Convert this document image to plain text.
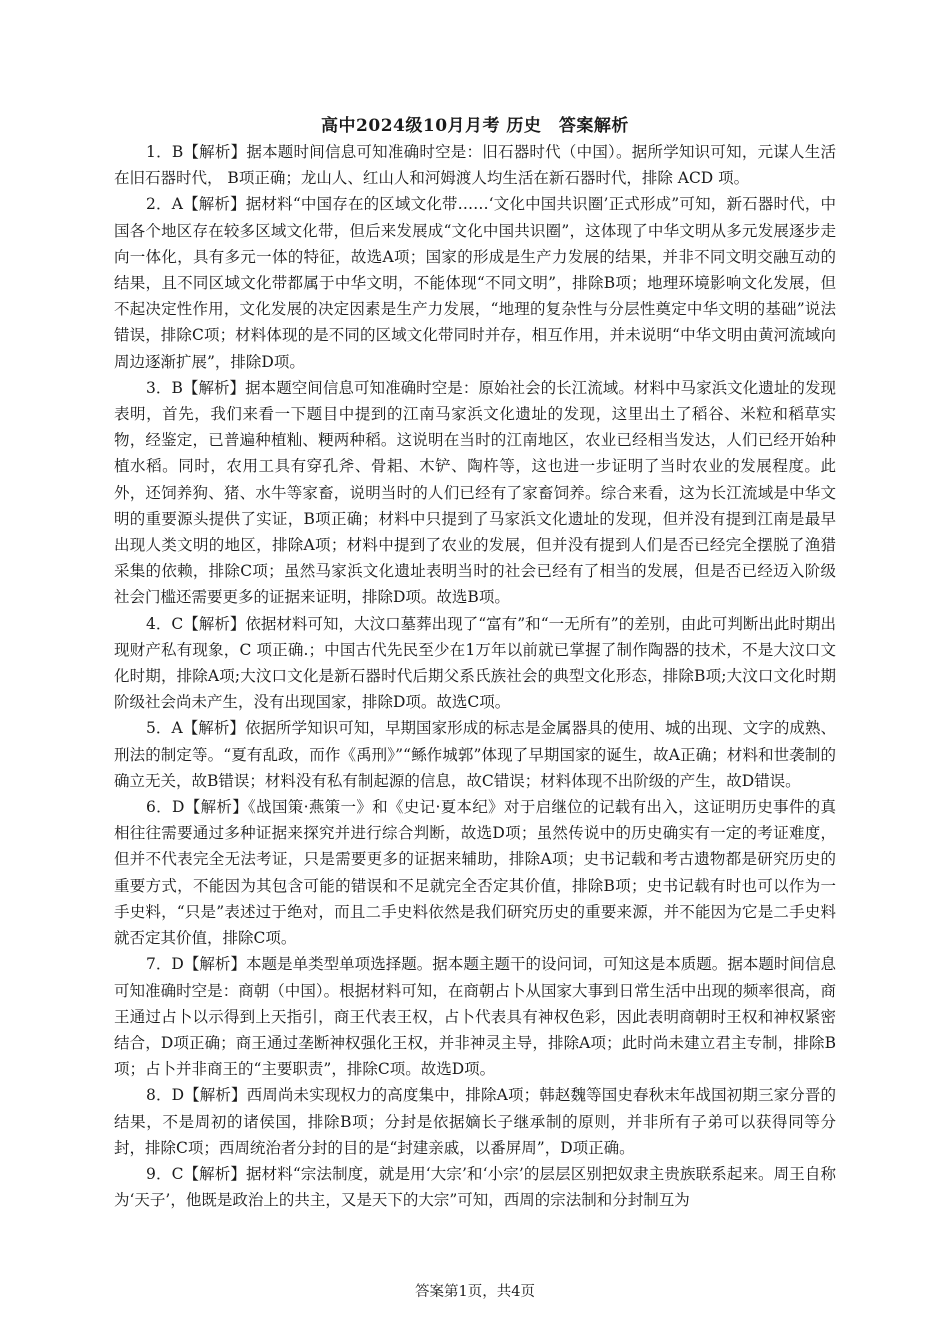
高中2024级10月月考 历史　答案解析

1．B【解析】据本题时间信息可知准确时空是：旧石器时代（中国）。据所学知识可知，元谋人生活在旧石器时代， B项正确；龙山人、红山人和河姆渡人均生活在新石器时代，排除 ACD 项。

2．A【解析】据材料“中国存在的区域文化带……‘文化中国共识圈’正式形成”可知，新石器时代，中国各个地区存在较多区域文化带，但后来发展成“文化中国共识圈”，这体现了中华文明从多元发展逐步走向一体化，具有多元一体的特征，故选A项；国家的形成是生产力发展的结果，并非不同文明交融互动的结果，且不同区域文化带都属于中华文明，不能体现“不同文明”，排除B项；地理环境影响文化发展，但不起决定性作用，文化发展的决定因素是生产力发展，“地理的复杂性与分层性奠定中华文明的基础”说法错误，排除C项；材料体现的是不同的区域文化带同时并存，相互作用，并未说明“中华文明由黄河流域向周边逐渐扩展”，排除D项。

3．B【解析】据本题空间信息可知准确时空是：原始社会的长江流域。材料中马家浜文化遗址的发现表明，首先，我们来看一下题目中提到的江南马家浜文化遗址的发现，这里出土了稻谷、米粒和稻草实物，经鉴定，已普遍种植籼、粳两种稻。这说明在当时的江南地区，农业已经相当发达，人们已经开始种植水稻。同时，农用工具有穿孔斧、骨耜、木铲、陶杵等，这也进一步证明了当时农业的发展程度。此外，还饲养狗、猪、水牛等家畜，说明当时的人们已经有了家畜饲养。综合来看，这为长江流域是中华文明的重要源头提供了实证，B项正确；材料中只提到了马家浜文化遗址的发现，但并没有提到江南是最早出现人类文明的地区，排除A项；材料中提到了农业的发展，但并没有提到人们是否已经完全摆脱了渔猎采集的依赖，排除C项；虽然马家浜文化遗址表明当时的社会已经有了相当的发展，但是否已经迈入阶级社会门槛还需要更多的证据来证明，排除D项。故选B项。

4．C【解析】依据材料可知，大汶口墓葬出现了“富有”和“一无所有”的差别，由此可判断出此时期出现财产私有现象，C 项正确.；中国古代先民至少在1万年以前就已掌握了制作陶器的技术，不是大汶口文化时期，排除A项;大汶口文化是新石器时代后期父系氏族社会的典型文化形态，排除B项;大汶口文化时期阶级社会尚未产生，没有出现国家，排除D项。故选C项。

5．A【解析】依据所学知识可知，早期国家形成的标志是金属器具的使用、城的出现、文字的成熟、刑法的制定等。“夏有乱政，而作《禹刑》”“鲧作城郭”体现了早期国家的诞生，故A正确；材料和世袭制的确立无关，故B错误；材料没有私有制起源的信息，故C错误；材料体现不出阶级的产生，故D错误。

6．D【解析】《战国策·燕策一》和《史记·夏本纪》对于启继位的记载有出入，这证明历史事件的真相往往需要通过多种证据来探究并进行综合判断，故选D项；虽然传说中的历史确实有一定的考证难度，但并不代表完全无法考证，只是需要更多的证据来辅助，排除A项；史书记载和考古遗物都是研究历史的重要方式，不能因为其包含可能的错误和不足就完全否定其价值，排除B项；史书记载有时也可以作为一手史料，“只是”表述过于绝对，而且二手史料依然是我们研究历史的重要来源，并不能因为它是二手史料就否定其价值，排除C项。

7．D【解析】本题是单类型单项选择题。据本题主题干的设问词，可知这是本质题。据本题时间信息可知准确时空是：商朝（中国）。根据材料可知，在商朝占卜从国家大事到日常生活中出现的频率很高，商王通过占卜以示得到上天指引，商王代表王权，占卜代表具有神权色彩，因此表明商朝时王权和神权紧密结合，D项正确；商王通过垄断神权强化王权，并非神灵主导，排除A项；此时尚未建立君主专制，排除B项；占卜并非商王的“主要职责”，排除C项。故选D项。

8．D【解析】西周尚未实现权力的高度集中，排除A项；韩赵魏等国史春秋末年战国初期三家分晋的结果，不是周初的诸侯国，排除B项；分封是依据嫡长子继承制的原则，并非所有子弟可以获得同等分封，排除C项；西周统治者分封的目的是“封建亲戚，以番屏周”，D项正确。

9．C【解析】据材料“宗法制度，就是用‘大宗’和‘小宗’的层层区别把奴隶主贵族联系起来。周王自称为‘天子’，他既是政治上的共主，又是天下的大宗”可知，西周的宗法制和分封制互为

答案第1页，共4页
